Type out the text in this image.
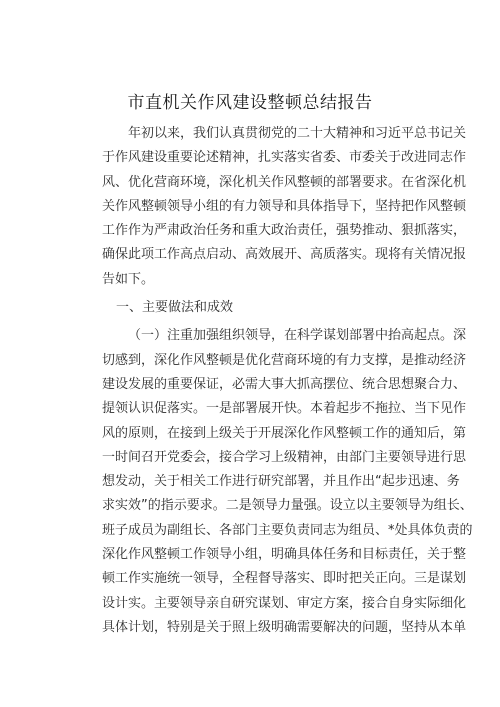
市直机关作风建设整顿总结报告
年初以来，我们认真贯彻党的二十大精神和习近平总书记关
于作风建设重要论述精神，扎实落实省委、市委关于改进同志作
风、优化营商环境，深化机关作风整顿的部署要求。在省深化机
关作风整顿领导小组的有力领导和具体指导下，坚持把作风整顿
工作作为严肃政治任务和重大政治责任，强势推动、狠抓落实，
确保此项工作高点启动、高效展开、高质落实。现将有关情况报
告如下。
一、主要做法和成效
（一）注重加强组织领导，在科学谋划部署中抬高起点。深
切感到，深化作风整顿是优化营商环境的有力支撑，是推动经济
建设发展的重要保证，必需大事大抓高摆位、统合思想聚合力、
提领认识促落实。一是部署展开快。本着起步不拖拉、当下见作
风的原则，在接到上级关于开展深化作风整顿工作的通知后，第
一时间召开党委会，接合学习上级精神，由部门主要领导进行思
想发动，关于相关工作进行研究部署，并且作出“起步迅速、务
求实效”的指示要求。二是领导力量强。设立以主要领导为组长、
班子成员为副组长、各部门主要负责同志为组员、*处具体负责的
深化作风整顿工作领导小组，明确具体任务和目标责任，关于整
顿工作实施统一领导，全程督导落实、即时把关正向。三是谋划
设计实。主要领导亲自研究谋划、审定方案，接合自身实际细化
具体计划，特别是关于照上级明确需要解决的问题，坚持从本单
